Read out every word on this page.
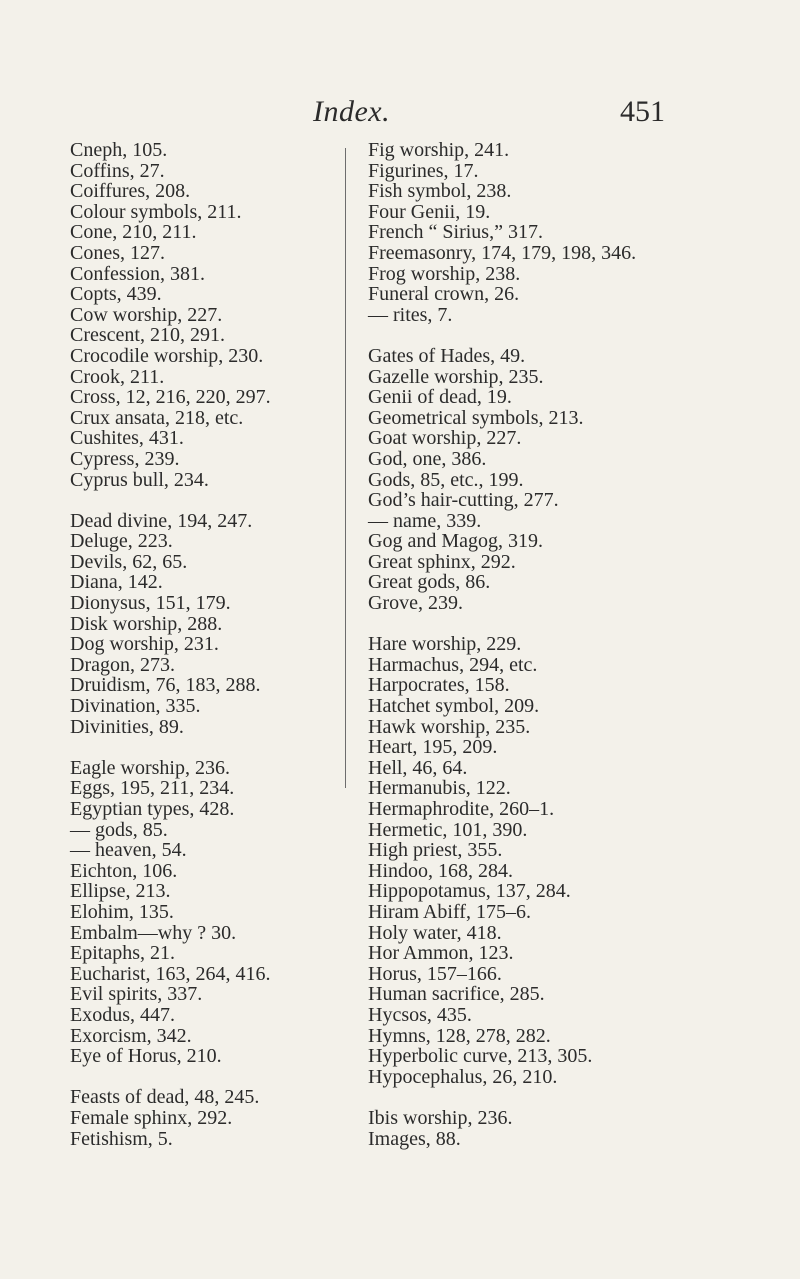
Index.	451
Cneph, 105.
Coffins, 27.
Coiffures, 208.
Colour symbols, 211.
Cone, 210, 211.
Cones, 127.
Confession, 381.
Copts, 439.
Cow worship, 227.
Crescent, 210, 291.
Crocodile worship, 230.
Crook, 211.
Cross, 12, 216, 220, 297.
Crux ansata, 218, etc.
Cushites, 431.
Cypress, 239.
Cyprus bull, 234.
Dead divine, 194, 247.
Deluge, 223.
Devils, 62, 65.
Diana, 142.
Dionysus, 151, 179.
Disk worship, 288.
Dog worship, 231.
Dragon, 273.
Druidism, 76, 183, 288.
Divination, 335.
Divinities, 89.
Eagle worship, 236.
Eggs, 195, 211, 234.
Egyptian types, 428.
— gods, 85.
— heaven, 54.
Eichton, 106.
Ellipse, 213.
Elohim, 135.
Embalm—why ? 30.
Epitaphs, 21.
Eucharist, 163, 264, 416.
Evil spirits, 337.
Exodus, 447.
Exorcism, 342.
Eye of Horus, 210.
Feasts of dead, 48, 245.
Female sphinx, 292.
Fetishism, 5.
Fig worship, 241.
Figurines, 17.
Fish symbol, 238.
Four Genii, 19.
French “ Sirius,” 317.
Freemasonry, 174, 179, 198, 346.
Frog worship, 238.
Funeral crown, 26.
— rites, 7.
Gates of Hades, 49.
Gazelle worship, 235.
Genii of dead, 19.
Geometrical symbols, 213.
Goat worship, 227.
God, one, 386.
Gods, 85, etc., 199.
God’s hair-cutting, 277.
— name, 339.
Gog and Magog, 319.
Great sphinx, 292.
Great gods, 86.
Grove, 239.
Hare worship, 229.
Harmachus, 294, etc.
Harpocrates, 158.
Hatchet symbol, 209.
Hawk worship, 235.
Heart, 195, 209.
Hell, 46, 64.
Hermanubis, 122.
Hermaphrodite, 260–1.
Hermetic, 101, 390.
High priest, 355.
Hindoo, 168, 284.
Hippopotamus, 137, 284.
Hiram Abiff, 175–6.
Holy water, 418.
Hor Ammon, 123.
Horus, 157–166.
Human sacrifice, 285.
Hycsos, 435.
Hymns, 128, 278, 282.
Hyperbolic curve, 213, 305.
Hypocephalus, 26, 210.
Ibis worship, 236.
Images, 88.
